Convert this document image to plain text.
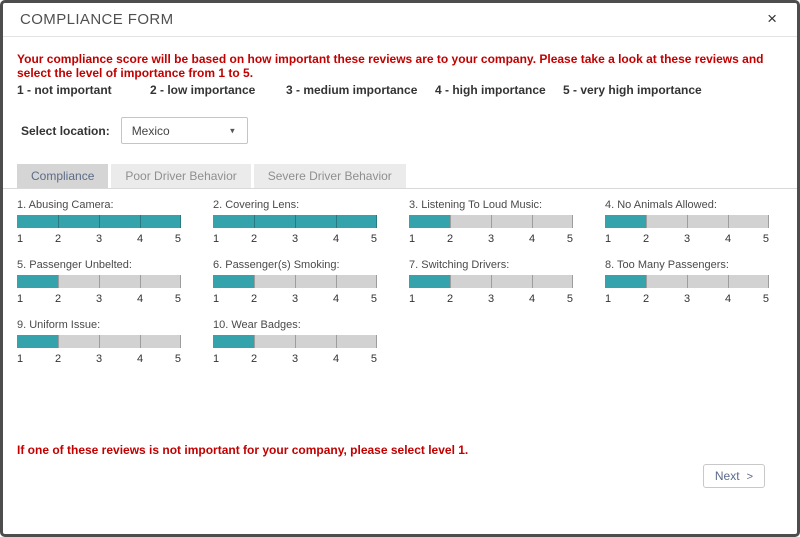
COMPLIANCE FORM	×
Your compliance score will be based on how important these reviews are to your company. Please take a look at these reviews and select the level of importance from 1 to 5.
1 - not important	2 - low importance	3 - medium importance	4 - high importance	5 - very high importance
Select location:	Mexico	▾
Compliance	Poor Driver Behavior	Severe Driver Behavior
1. Abusing Camera:
1	2	3	4	5
2. Covering Lens:
1	2	3	4	5
3. Listening To Loud Music:
1	2	3	4	5
4. No Animals Allowed:
1	2	3	4	5
5. Passenger Unbelted:
1	2	3	4	5
6. Passenger(s) Smoking:
1	2	3	4	5
7. Switching Drivers:
1	2	3	4	5
8. Too Many Passengers:
1	2	3	4	5
9. Uniform Issue:
1	2	3	4	5
10. Wear Badges:
1	2	3	4	5
If one of these reviews is not important for your company, please select level 1.
Next >
